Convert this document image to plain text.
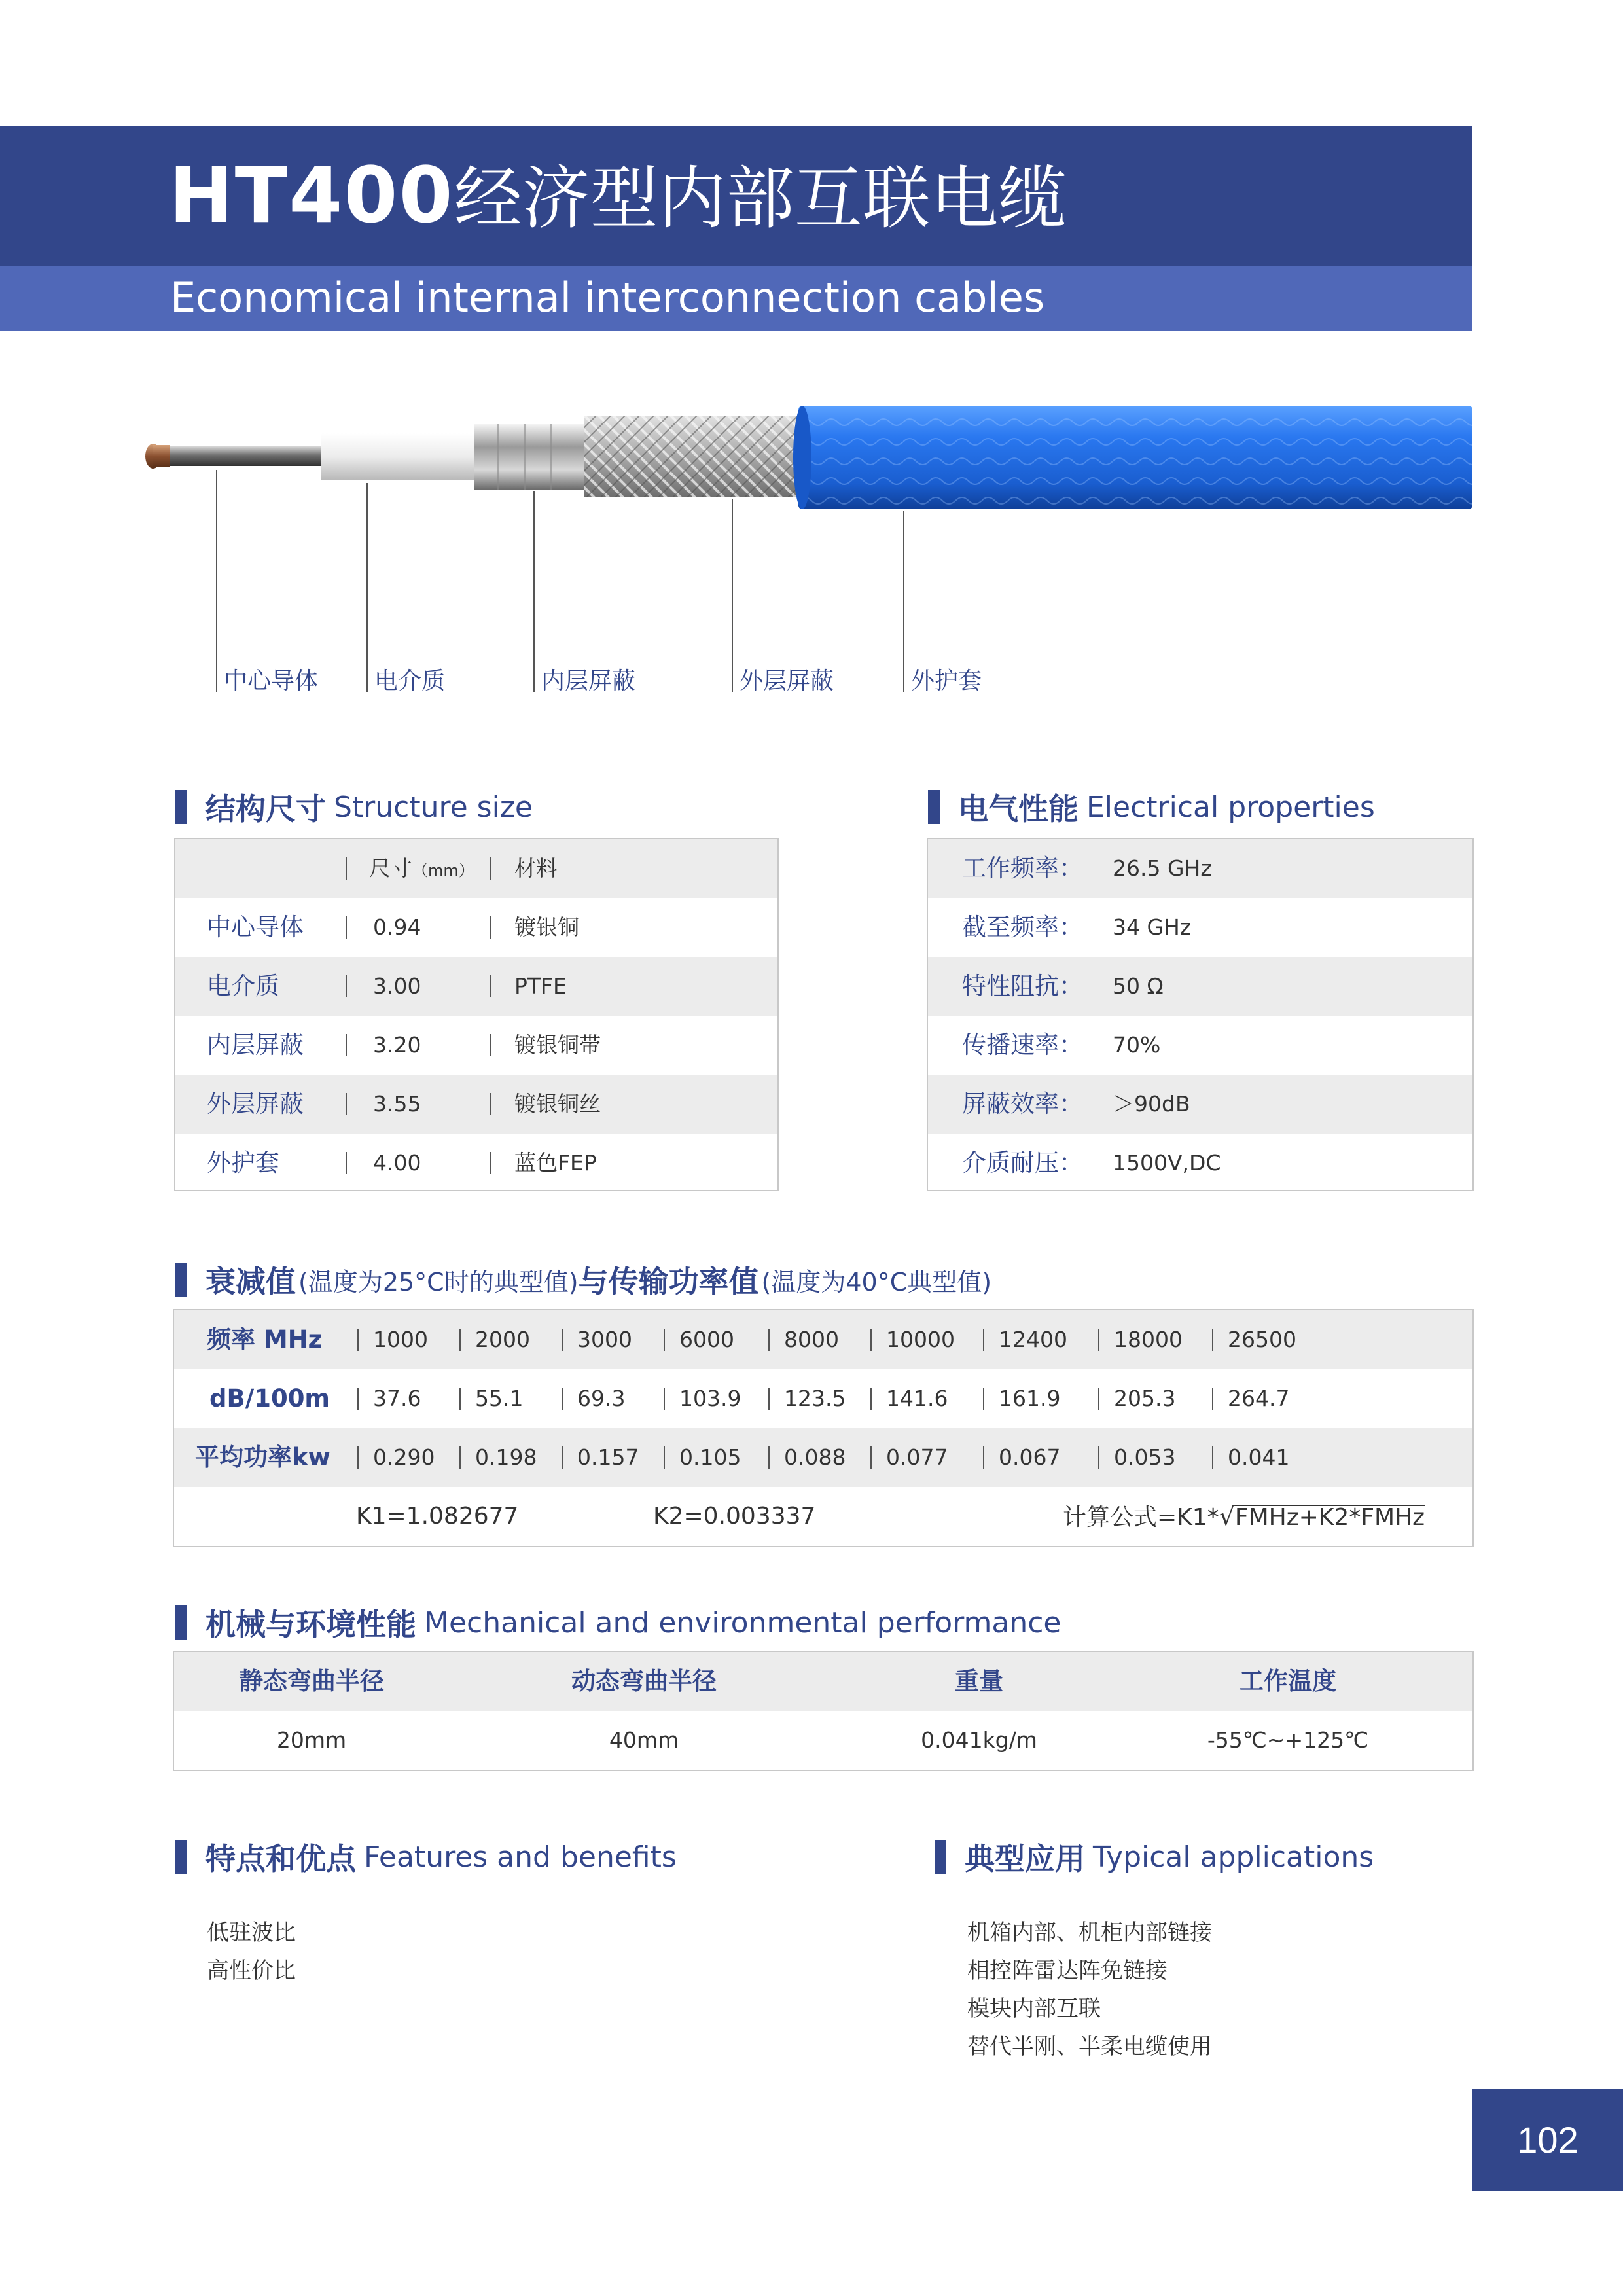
HT400经济型内部互联电缆
Economical internal interconnection cables
中心导体 电介质	内层屏蔽	外层屏蔽	外护套
结构尺寸 Structure size
尺寸（mm） 材料
中心导体	0.94	镀银铜
电介质	3.00	PTFE
内层屏蔽	3.20	镀银铜带
外层屏蔽	3.55	镀银铜丝
外护套	4.00	蓝色FEP
电气性能 Electrical properties
工作频率： 26.5 GHz
截至频率： 34 GHz
特性阻抗： 50 Ω
传播速率： 70%
屏蔽效率： ＞90dB
介质耐压： 1500V,DC
衰减值 (温度为25°C时的典型值) 与传输功率值 (温度为40°C典型值)
频率 MHz 1000 2000 3000 6000 8000 10000 12400 18000 26500
dB/100m 37.6	55.1	69.3	103.9 123.5 141.6 161.9 205.3 264.7
平均功率kw 0.290 0.198 0.157 0.105 0.088 0.077 0.067 0.053 0.041
K1=1.082677	K2=0.003337	计算公式=K1*√FMHz+K2*FMHz
机械与环境性能 Mechanical and environmental performance
静态弯曲半径	动态弯曲半径	重量	工作温度
20mm	40mm	0.041kg/m	-55℃~+125℃
特点和优点 Features and benefits
低驻波比
高性价比
典型应用 Typical applications
机箱内部、机柜内部链接
相控阵雷达阵免链接
模块内部互联
替代半刚、半柔电缆使用
102
